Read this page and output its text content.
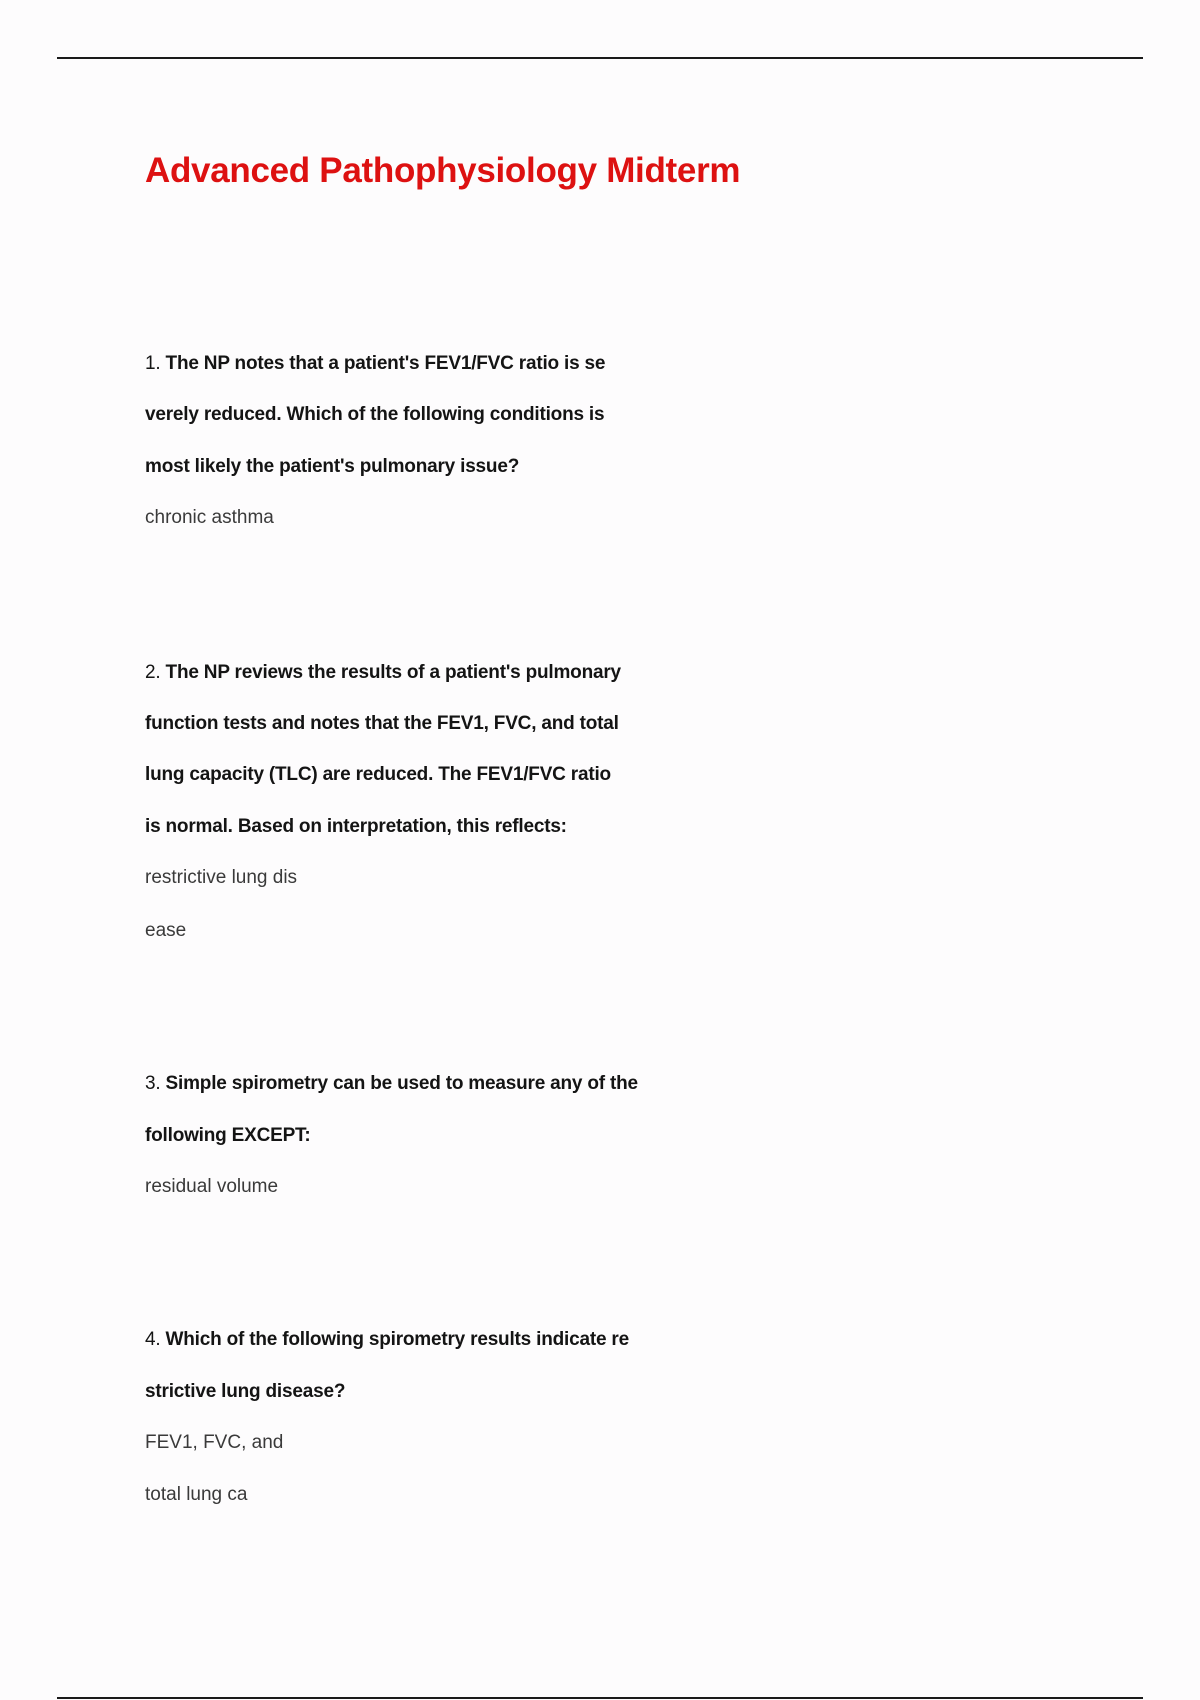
Advanced Pathophysiology Midterm
1. The NP notes that a patient's FEV1/FVC ratio is se
verely reduced. Which of the following conditions is
most likely the patient's pulmonary issue?
chronic asthma
2. The NP reviews the results of a patient's pulmonary
function tests and notes that the FEV1, FVC, and total
lung capacity (TLC) are reduced. The FEV1/FVC ratio
is normal. Based on interpretation, this reflects:
restrictive lung dis
ease
3. Simple spirometry can be used to measure any of the
following EXCEPT:
residual volume
4. Which of the following spirometry results indicate re
strictive lung disease?
FEV1, FVC, and
total lung ca
